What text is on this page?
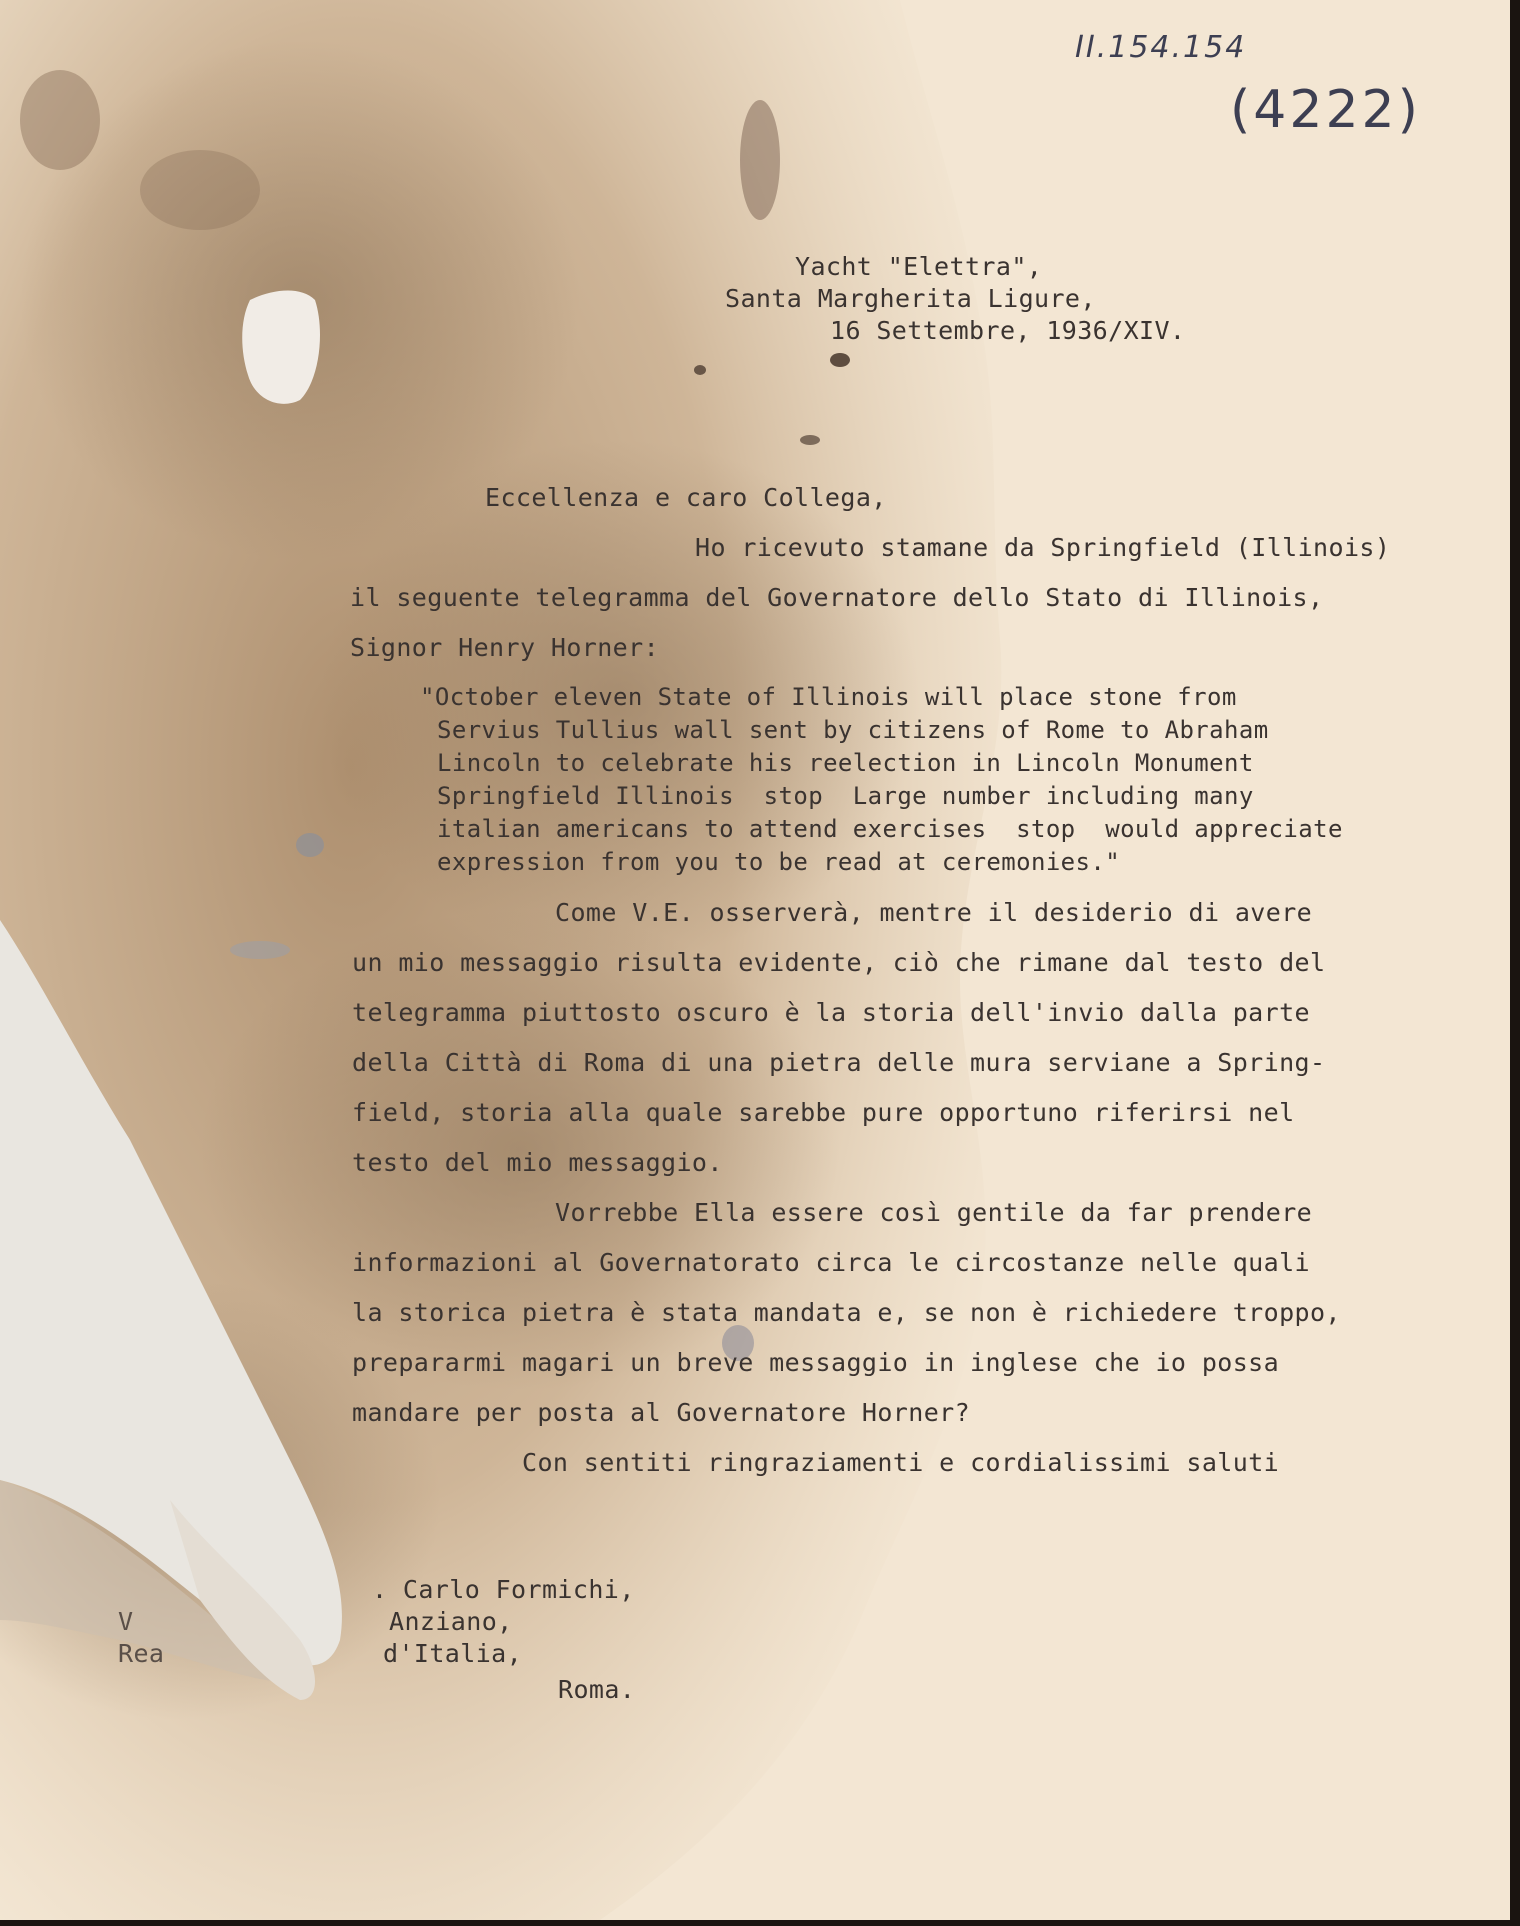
II.154.154
(4222)
Yacht "Elettra",
Santa Margherita Ligure,
16 Settembre, 1936/XIV.
Eccellenza e caro Collega,
Ho ricevuto stamane da Springfield (Illinois)
il seguente telegramma del Governatore dello Stato di Illinois,
Signor Henry Horner:
"October eleven State of Illinois will place stone from
Servius Tullius wall sent by citizens of Rome to Abraham
Lincoln to celebrate his reelection in Lincoln Monument
Springfield Illinois  stop  Large number including many
italian americans to attend exercises  stop  would appreciate
expression from you to be read at ceremonies."
Come V.E. osserverà, mentre il desiderio di avere
un mio messaggio risulta evidente, ciò che rimane dal testo del
telegramma piuttosto oscuro è la storia dell'invio dalla parte
della Città di Roma di una pietra delle mura serviane a Spring-
field, storia alla quale sarebbe pure opportuno riferirsi nel
testo del mio messaggio.
Vorrebbe Ella essere così gentile da far prendere
informazioni al Governatorato circa le circostanze nelle quali
la storica pietra è stata mandata e, se non è richiedere troppo,
prepararmi magari un breve messaggio in inglese che io possa
mandare per posta al Governatore Horner?
Con sentiti ringraziamenti e cordialissimi saluti
. Carlo Formichi,
Anziano,
d'Italia,
Roma.
V
Rea
